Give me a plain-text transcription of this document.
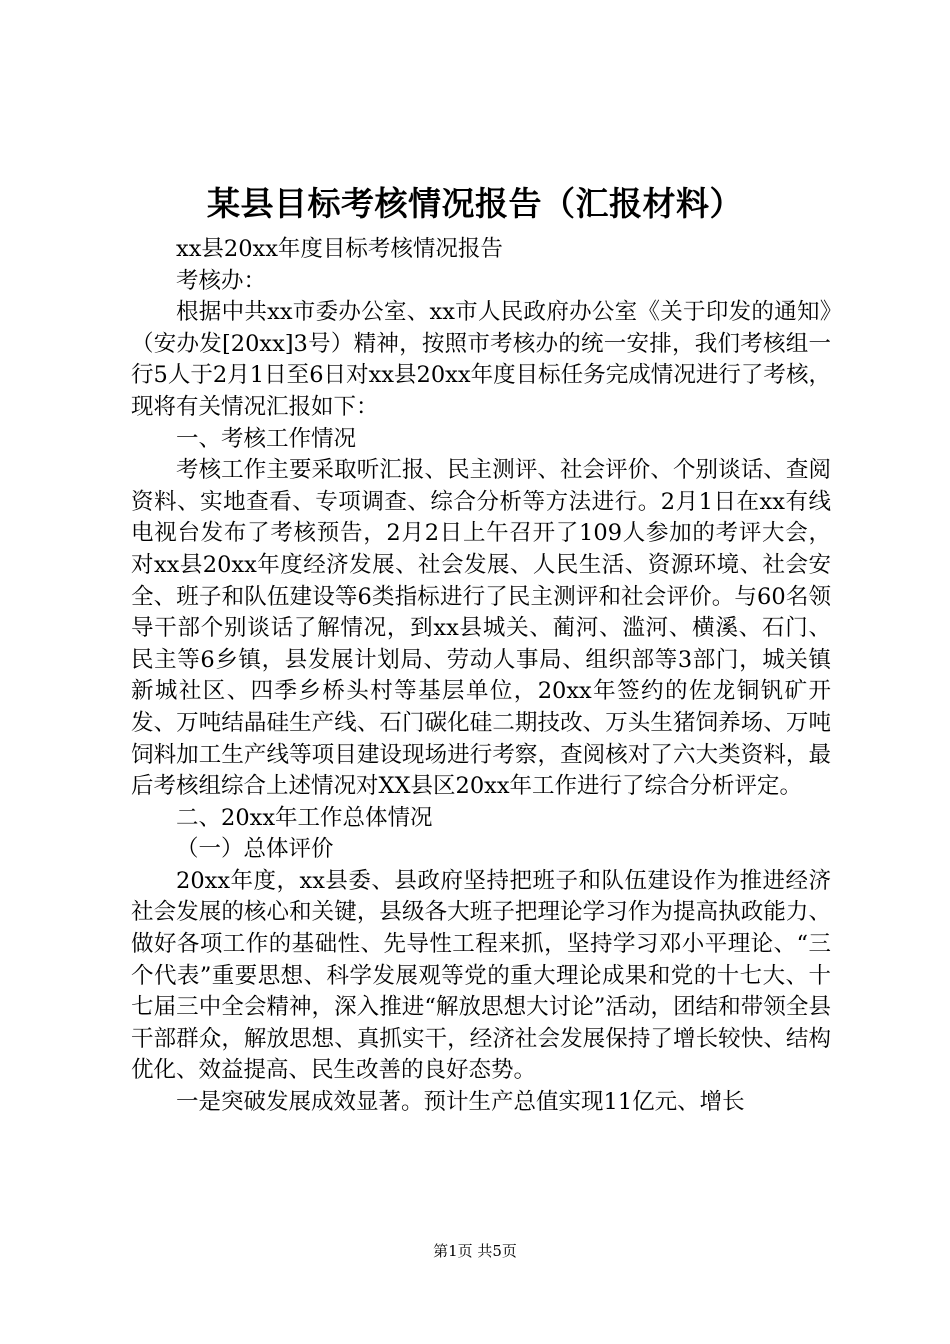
某县目标考核情况报告（汇报材料）

xx县20xx年度目标考核情况报告

考核办：

根据中共xx市委办公室、xx市人民政府办公室《关于印发的通知》（安办发[20xx]3号）精神，按照市考核办的统一安排，我们考核组一行5人于2月1日至6日对xx县20xx年度目标任务完成情况进行了考核，现将有关情况汇报如下：

一、考核工作情况

考核工作主要采取听汇报、民主测评、社会评价、个别谈话、查阅资料、实地查看、专项调查、综合分析等方法进行。2月1日在xx有线电视台发布了考核预告，2月2日上午召开了109人参加的考评大会，对xx县20xx年度经济发展、社会发展、人民生活、资源环境、社会安全、班子和队伍建设等6类指标进行了民主测评和社会评价。与60名领导干部个别谈话了解情况，到xx县城关、蔺河、滥河、横溪、石门、民主等6乡镇，县发展计划局、劳动人事局、组织部等3部门，城关镇新城社区、四季乡桥头村等基层单位，20xx年签约的佐龙铜钒矿开发、万吨结晶硅生产线、石门碳化硅二期技改、万头生猪饲养场、万吨饲料加工生产线等项目建设现场进行考察，查阅核对了六大类资料，最后考核组综合上述情况对XX县区20xx年工作进行了综合分析评定。

二、20xx年工作总体情况

（一）总体评价

20xx年度，xx县委、县政府坚持把班子和队伍建设作为推进经济社会发展的核心和关键，县级各大班子把理论学习作为提高执政能力、做好各项工作的基础性、先导性工程来抓，坚持学习邓小平理论、“三个代表”重要思想、科学发展观等党的重大理论成果和党的十七大、十七届三中全会精神，深入推进“解放思想大讨论”活动，团结和带领全县干部群众，解放思想、真抓实干，经济社会发展保持了增长较快、结构优化、效益提高、民生改善的良好态势。

一是突破发展成效显著。预计生产总值实现11亿元、增长

第1页 共5页
